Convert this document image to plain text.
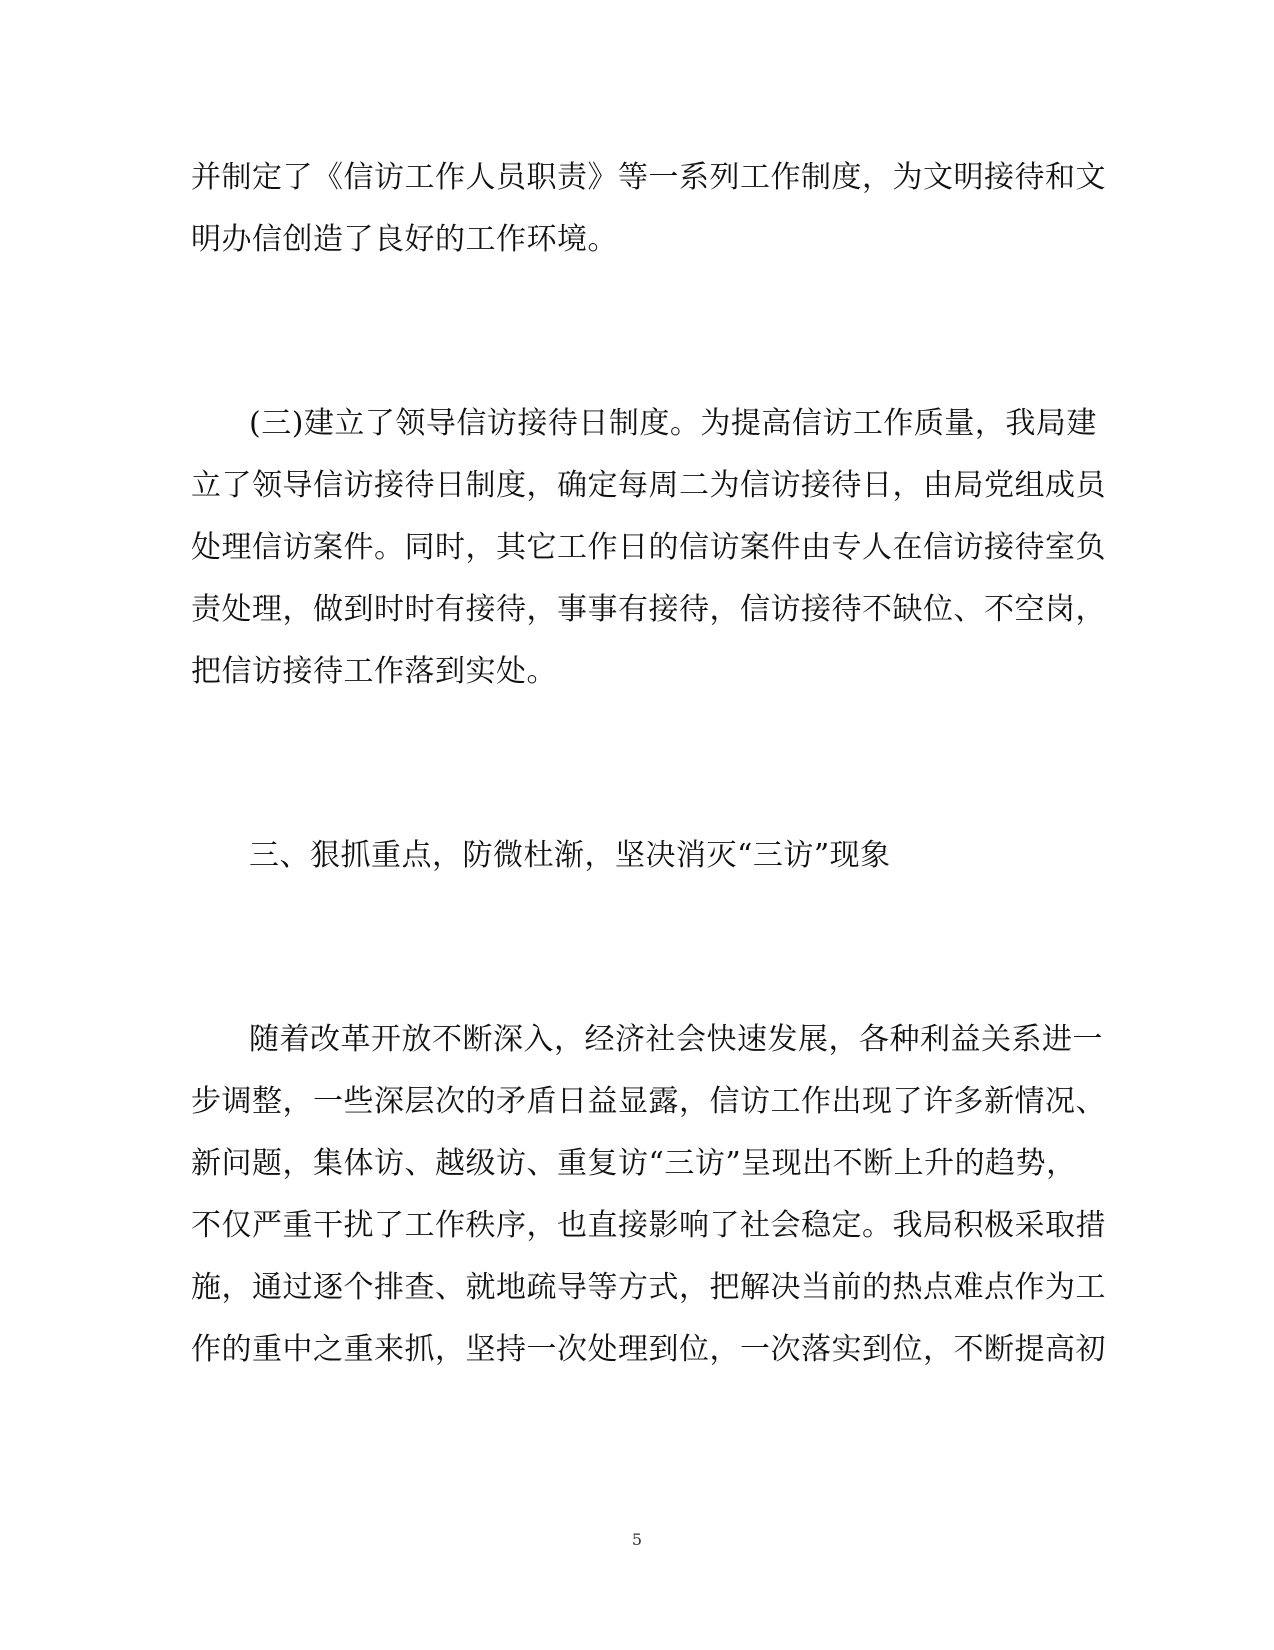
并制定了《信访工作人员职责》等一系列工作制度，为文明接待和文
明办信创造了良好的工作环境。
(三)建立了领导信访接待日制度。为提高信访工作质量，我局建
立了领导信访接待日制度，确定每周二为信访接待日，由局党组成员
处理信访案件。同时，其它工作日的信访案件由专人在信访接待室负
责处理，做到时时有接待，事事有接待，信访接待不缺位、不空岗，
把信访接待工作落到实处。
三、狠抓重点，防微杜渐，坚决消灭“三访”现象
随着改革开放不断深入，经济社会快速发展，各种利益关系进一
步调整，一些深层次的矛盾日益显露，信访工作出现了许多新情况、
新问题，集体访、越级访、重复访“三访”呈现出不断上升的趋势，
不仅严重干扰了工作秩序，也直接影响了社会稳定。我局积极采取措
施，通过逐个排查、就地疏导等方式，把解决当前的热点难点作为工
作的重中之重来抓，坚持一次处理到位，一次落实到位，不断提高初
5
